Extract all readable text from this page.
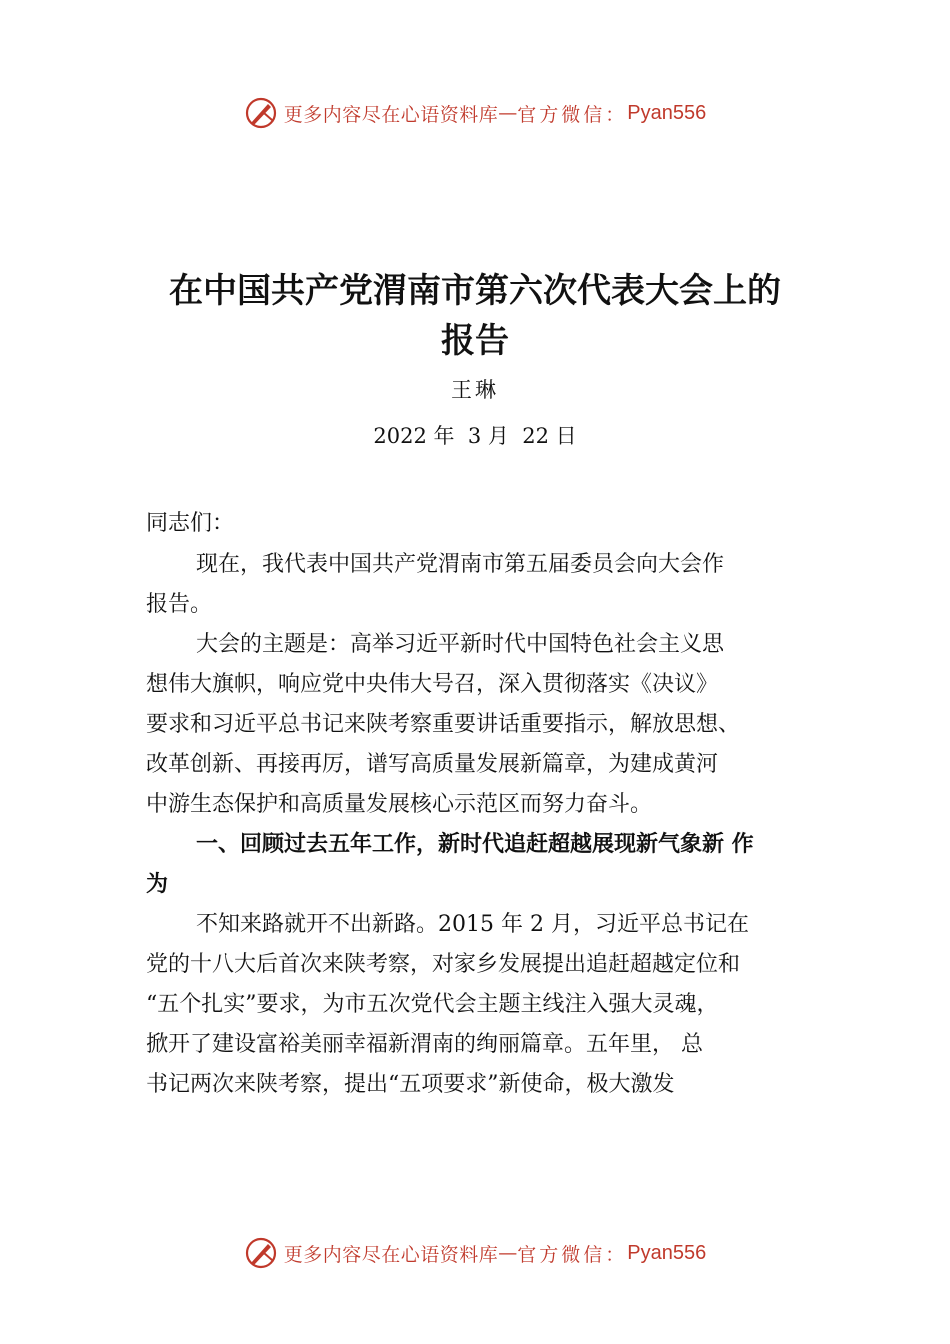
更多内容尽在心语资料库 — 官方微信： Pyan556
在中国共产党渭南市第六次代表大会上的
报告
王琳
2022 年  3 月  22 日
同志们：
现在，我代表中国共产党渭南市第五届委员会向大会作
报告。
大会的主题是：高举习近平新时代中国特色社会主义思
想伟大旗帜，响应党中央伟大号召，深入贯彻落实《决议》
要求和习近平总书记来陕考察重要讲话重要指示，解放思想、
改革创新、再接再厉，谱写高质量发展新篇章，为建成黄河
中游生态保护和高质量发展核心示范区而努力奋斗。
一、回顾过去五年工作，新时代追赶超越展现新气象新 作
为
不知来路就开不出新路。2015 年 2 月，习近平总书记在
党的十八大后首次来陕考察，对家乡发展提出追赶超越定位和
“五个扎实”要求，为市五次党代会主题主线注入强大灵魂，
掀开了建设富裕美丽幸福新渭南的绚丽篇章。五年里， 总
书记两次来陕考察，提出“五项要求”新使命，极大激发
更多内容尽在心语资料库 — 官方微信： Pyan556
